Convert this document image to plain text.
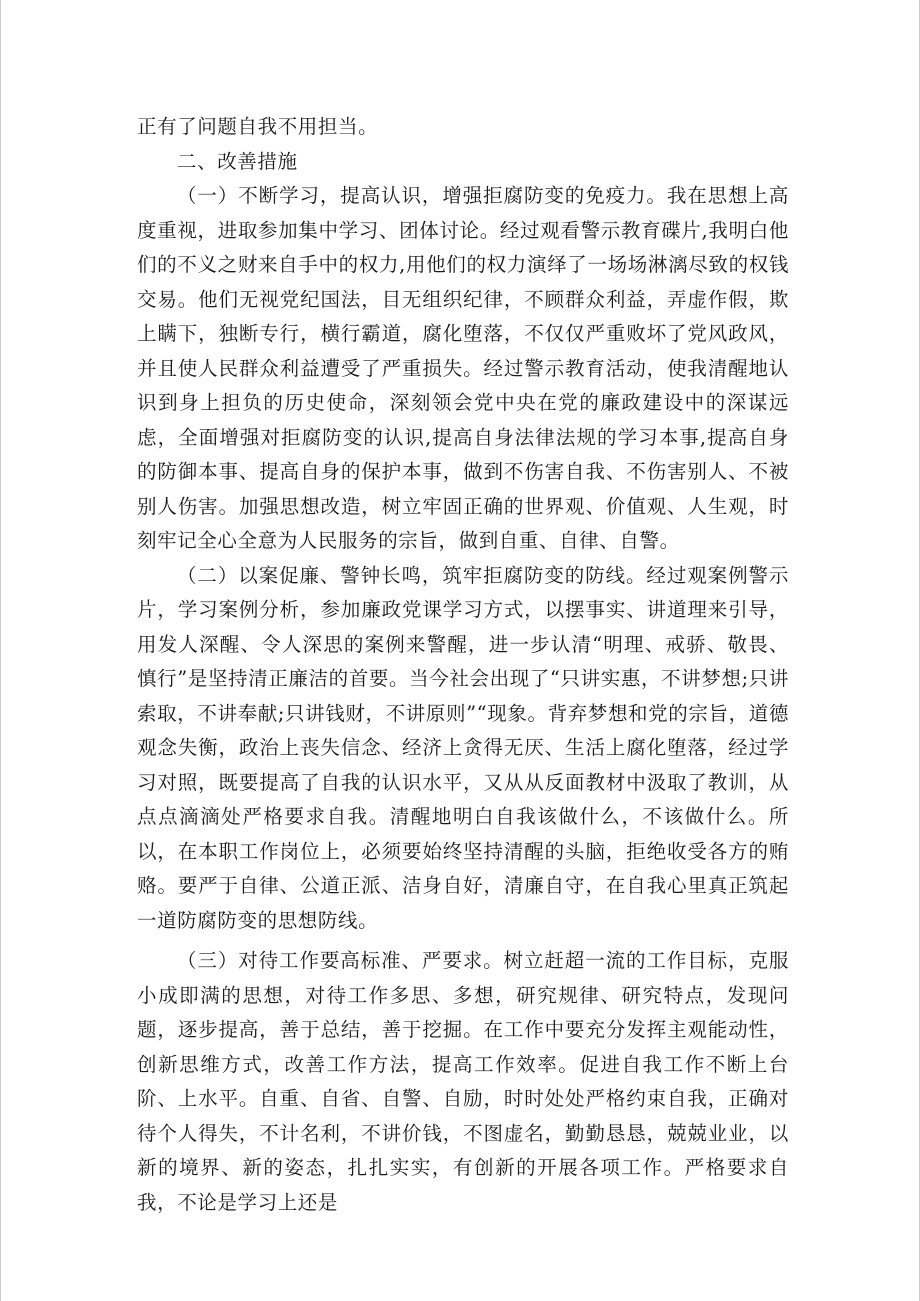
正有了问题自我不用担当。

二、改善措施

（一）不断学习，提高认识，增强拒腐防变的免疫力。我在思想上高度重视，进取参加集中学习、团体讨论。经过观看警示教育碟片,我明白他们的不义之财来自手中的权力,用他们的权力演绎了一场场淋漓尽致的权钱交易。他们无视党纪国法，目无组织纪律，不顾群众利益，弄虚作假，欺上瞒下，独断专行，横行霸道，腐化堕落，不仅仅严重败坏了党风政风，并且使人民群众利益遭受了严重损失。经过警示教育活动，使我清醒地认识到身上担负的历史使命，深刻领会党中央在党的廉政建设中的深谋远虑，全面增强对拒腐防变的认识,提高自身法律法规的学习本事,提高自身的防御本事、提高自身的保护本事，做到不伤害自我、不伤害别人、不被别人伤害。加强思想改造，树立牢固正确的世界观、价值观、人生观，时刻牢记全心全意为人民服务的宗旨，做到自重、自律、自警。

（二）以案促廉、警钟长鸣，筑牢拒腐防变的防线。经过观案例警示片，学习案例分析，参加廉政党课学习方式，以摆事实、讲道理来引导，用发人深醒、令人深思的案例来警醒，进一步认清“明理、戒骄、敬畏、慎行”是坚持清正廉洁的首要。当今社会出现了“只讲实惠，不讲梦想;只讲索取，不讲奉献;只讲钱财，不讲原则”“现象。背弃梦想和党的宗旨，道德观念失衡，政治上丧失信念、经济上贪得无厌、生活上腐化堕落，经过学习对照，既要提高了自我的认识水平，又从从反面教材中汲取了教训，从点点滴滴处严格要求自我。清醒地明白自我该做什么，不该做什么。所以，在本职工作岗位上，必须要始终坚持清醒的头脑，拒绝收受各方的贿赂。要严于自律、公道正派、洁身自好，清廉自守，在自我心里真正筑起一道防腐防变的思想防线。

（三）对待工作要高标准、严要求。树立赶超一流的工作目标，克服小成即满的思想，对待工作多思、多想，研究规律、研究特点，发现问题，逐步提高，善于总结，善于挖掘。在工作中要充分发挥主观能动性，创新思维方式，改善工作方法，提高工作效率。促进自我工作不断上台阶、上水平。自重、自省、自警、自励，时时处处严格约束自我，正确对待个人得失，不计名利，不讲价钱，不图虚名，勤勤恳恳，兢兢业业，以新的境界、新的姿态，扎扎实实，有创新的开展各项工作。严格要求自我，不论是学习上还是
